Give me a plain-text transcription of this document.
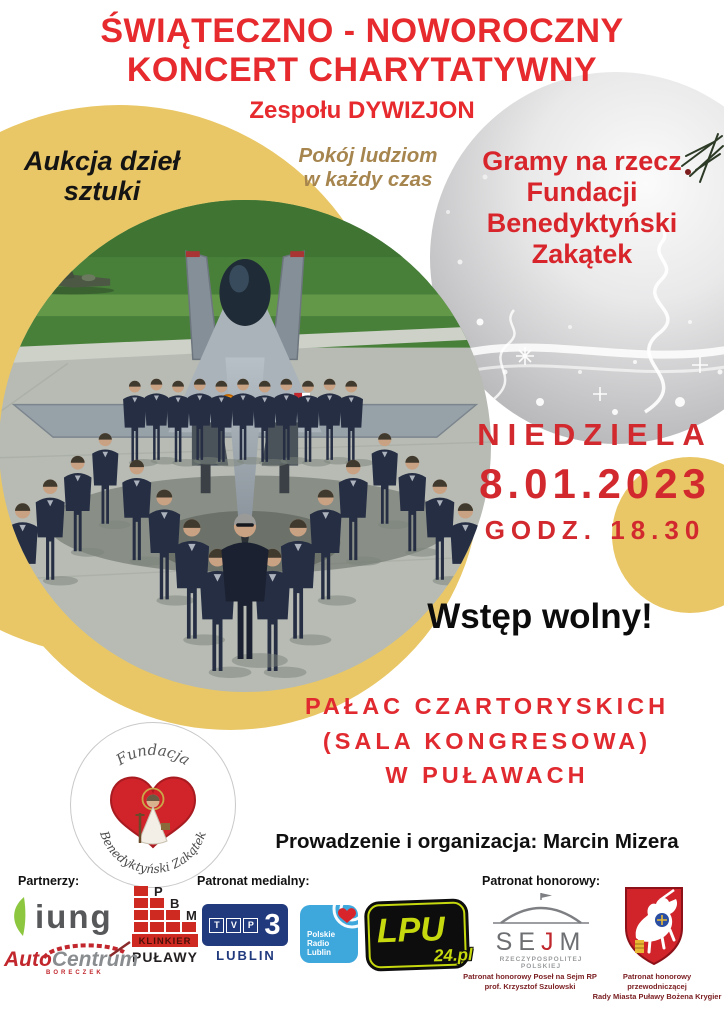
ŚWIĄTECZNO - NOWOROCZNY
KONCERT CHARYTATYWNY
Zespołu DYWIZJON
Aukcja dzieł
sztuki
Pokój ludziom
w każdy czas
Gramy na rzecz
Fundacji
Benedyktyński
Zakątek
NIEDZIELA
8.01.2023
GODZ. 18.30
Wstęp wolny!
PAŁAC CZARTORYSKICH
(SALA KONGRESOWA)
W PUŁAWACH
Prowadzenie i organizacja: Marcin Mizera
Fundacja
Benedyktyński Zakątek
Partnerzy:	Patronat medialny:	Patronat honorowy:
iung
P
B
M
KLINKIER
PUŁAWY
AutoCentrum
BORECZEK
T	V	P 3
LUBLIN
Polskie
Radio
Lublin
LPU
24.pl SEJM
RZECZYPOSPOLITEJ POLSKIEJ
Patronat honorowy Poseł na Sejm RP
prof. Krzysztof Szulowski
Patronat honorowy przewodniczącej
Rady Miasta Puławy Bożena Krygier
